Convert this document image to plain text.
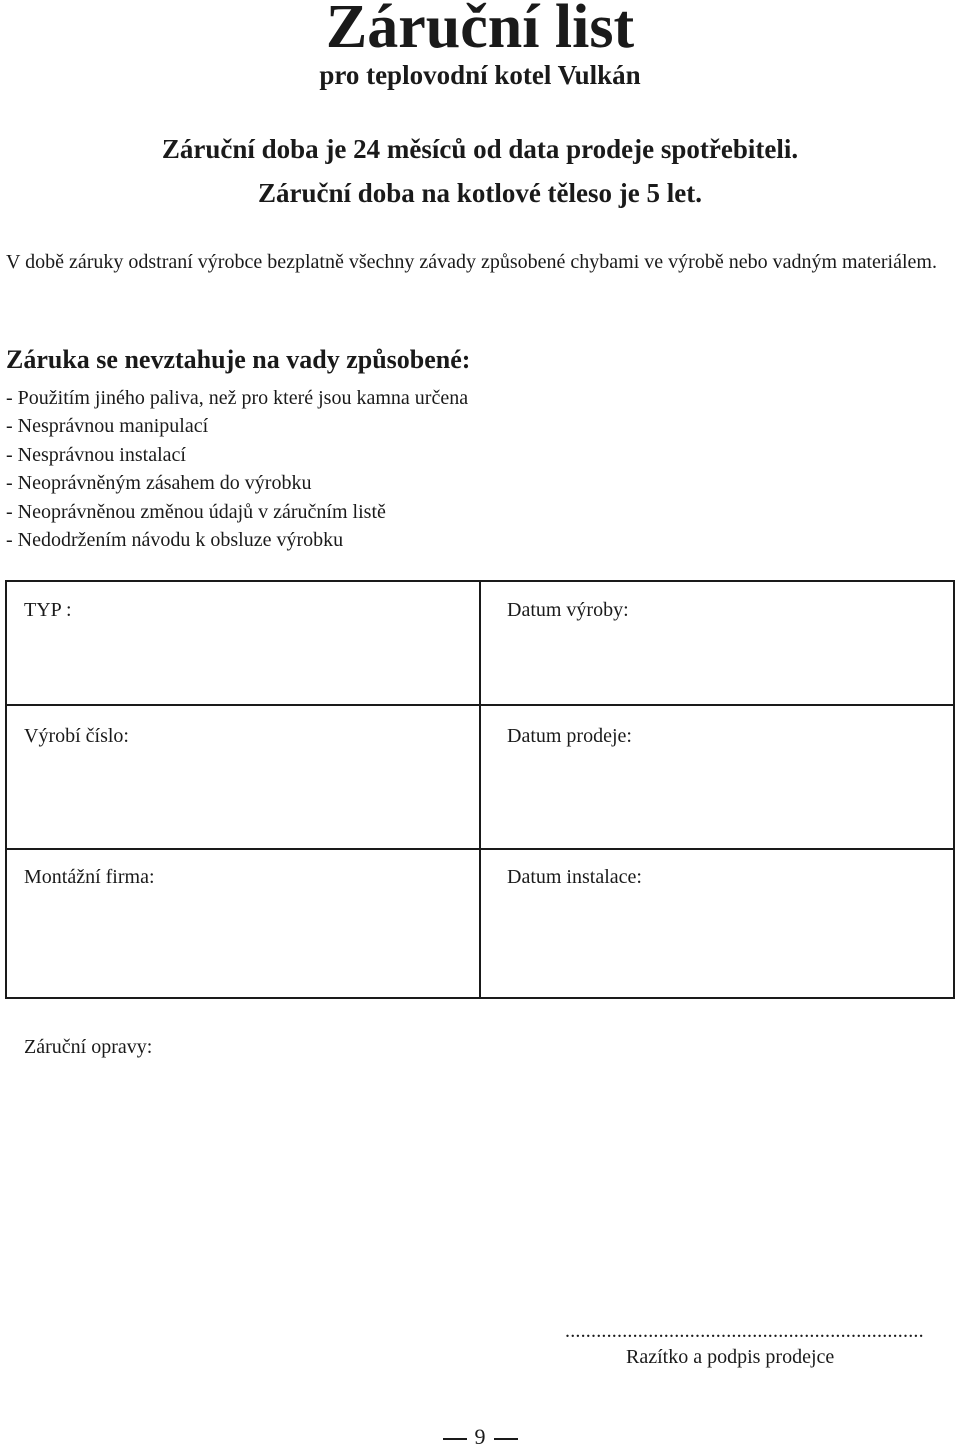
Záruční list
pro teplovodní kotel Vulkán
Záruční doba je 24 měsíců od data prodeje spotřebiteli.
Záruční doba na kotlové těleso je 5 let.
V době záruky odstraní výrobce bezplatně všechny závady způsobené chybami ve výrobě nebo vadným materiálem.
Záruka se nevztahuje na vady způsobené:
- Použitím jiného paliva, než pro které jsou kamna určena
- Nesprávnou manipulací
- Nesprávnou instalací
- Neoprávněným zásahem do výrobku
- Neoprávněnou změnou údajů v záručním listě
- Nedodržením návodu k obsluze výrobku
TYP :	Datum výroby:
Výrobí číslo:	Datum prodeje:
Montážní firma:	Datum instalace:
Záruční opravy:
.....................................................................
Razítko a podpis prodejce
9
